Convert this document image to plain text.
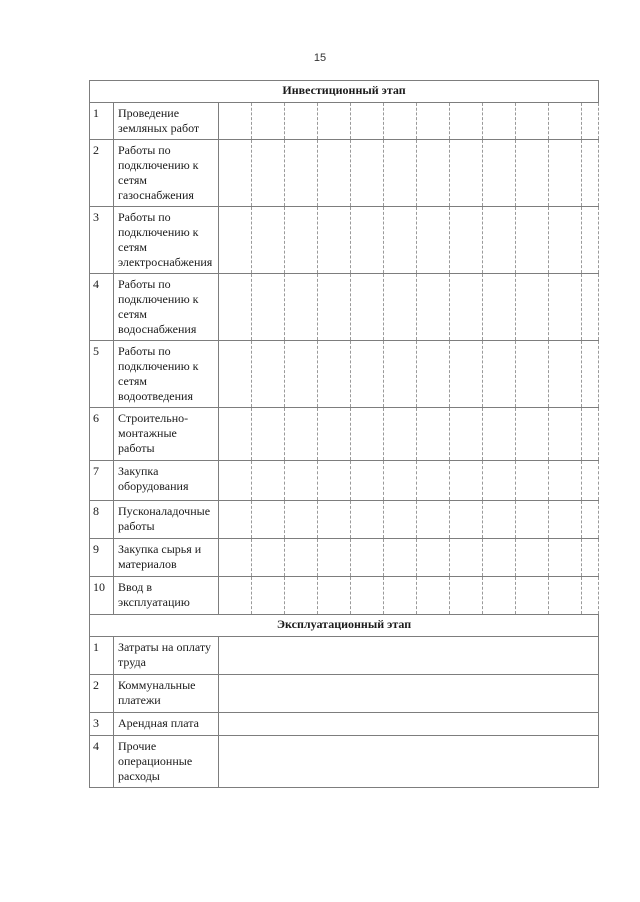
15
Инвестиционный этап													
1	Проведение земляных работ												
2	Работы по подключению к сетям газоснабжения												
3	Работы по подключению к сетям электроснабжения												
4	Работы по подключению к сетям водоснабжения												
5	Работы по подключению к сетям водоотведения												
6	Строительно-монтажные работы												
7	Закупка оборудования												
8	Пусконаладочные работы												
9	Закупка сырья и материалов												
10	Ввод в эксплуатацию												
Эксплуатационный этап													
1	Затраты на оплату труда												
2	Коммунальные платежи												
3	Арендная плата												
4	Прочие операционные расходы												
